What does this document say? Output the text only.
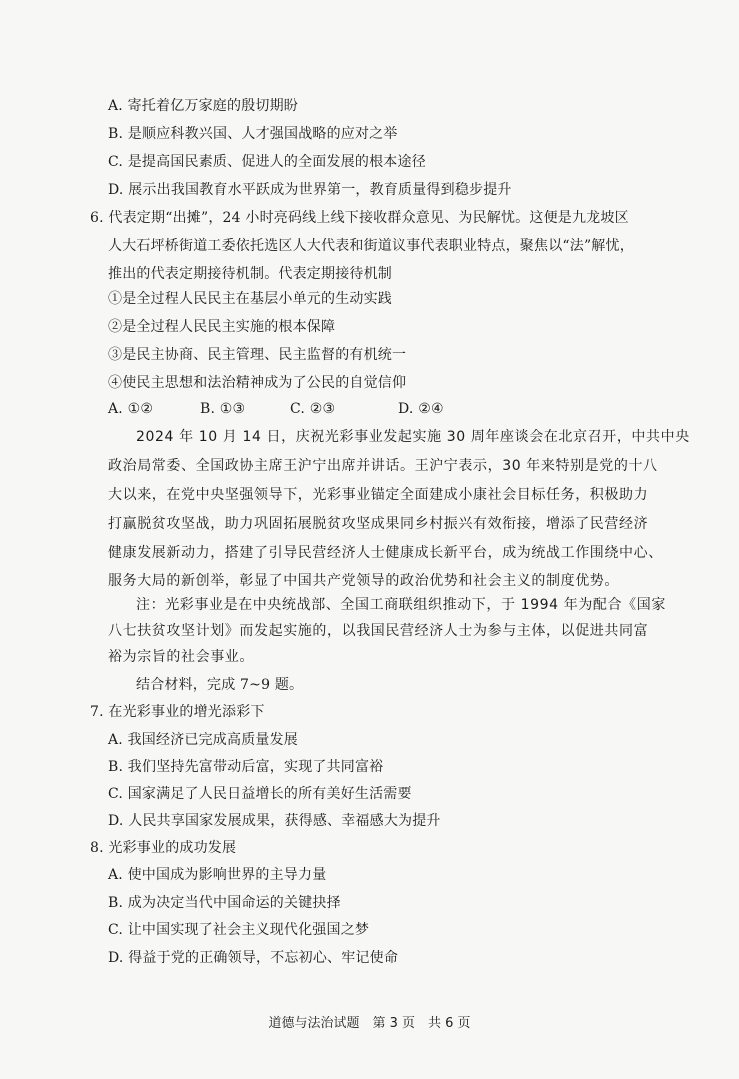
A. 寄托着亿万家庭的殷切期盼
B. 是顺应科教兴国、人才强国战略的应对之举
C. 是提高国民素质、促进人的全面发展的根本途径
D. 展示出我国教育水平跃成为世界第一，教育质量得到稳步提升
6. 代表定期“出摊”，24 小时亮码线上线下接收群众意见、为民解忧。这便是九龙坡区
人大石坪桥街道工委依托选区人大代表和街道议事代表职业特点，聚焦以“法”解忧，
推出的代表定期接待机制。代表定期接待机制
①是全过程人民民主在基层小单元的生动实践
②是全过程人民民主实施的根本保障
③是民主协商、民主管理、民主监督的有机统一
④使民主思想和法治精神成为了公民的自觉信仰
A. ①②	B. ①③	C. ②③	D. ②④
2024 年 10 月 14 日，庆祝光彩事业发起实施 30 周年座谈会在北京召开，中共中央
政治局常委、全国政协主席王沪宁出席并讲话。王沪宁表示，30 年来特别是党的十八
大以来，在党中央坚强领导下，光彩事业锚定全面建成小康社会目标任务，积极助力
打赢脱贫攻坚战，助力巩固拓展脱贫攻坚成果同乡村振兴有效衔接，增添了民营经济
健康发展新动力，搭建了引导民营经济人士健康成长新平台，成为统战工作围绕中心、
服务大局的新创举，彰显了中国共产党领导的政治优势和社会主义的制度优势。
注：光彩事业是在中央统战部、全国工商联组织推动下，于 1994 年为配合《国家
八七扶贫攻坚计划》而发起实施的，以我国民营经济人士为参与主体，以促进共同富
裕为宗旨的社会事业。
结合材料，完成 7~9 题。
7. 在光彩事业的增光添彩下
A. 我国经济已完成高质量发展
B. 我们坚持先富带动后富，实现了共同富裕
C. 国家满足了人民日益增长的所有美好生活需要
D. 人民共享国家发展成果，获得感、幸福感大为提升
8. 光彩事业的成功发展
A. 使中国成为影响世界的主导力量
B. 成为决定当代中国命运的关键抉择
C. 让中国实现了社会主义现代化强国之梦
D. 得益于党的正确领导，不忘初心、牢记使命
道德与法治试题　第 3 页　共 6 页
